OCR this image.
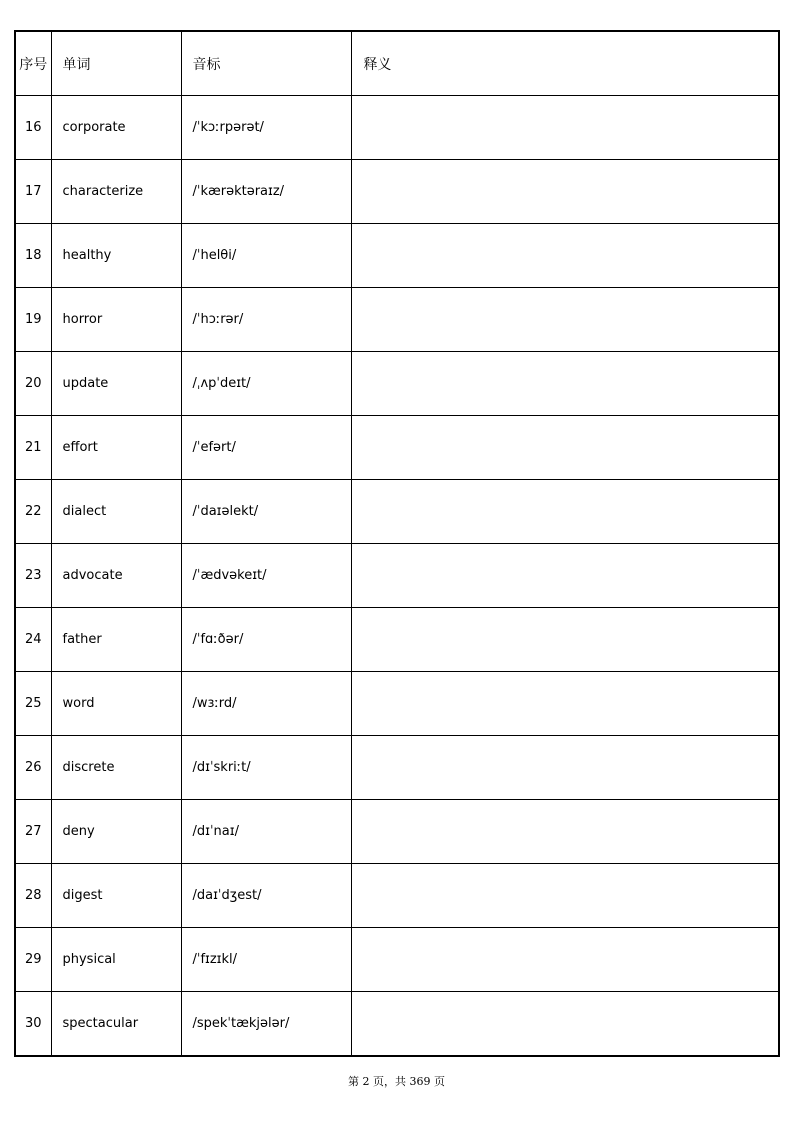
序号	单词	音标	释义
16	corporate	/ˈkɔːrpərət/	
17	characterize	/ˈkærəktəraɪz/	
18	healthy	/ˈhelθi/	
19	horror	/ˈhɔːrər/	
20	update	/ˌʌpˈdeɪt/	
21	effort	/ˈefərt/	
22	dialect	/ˈdaɪəlekt/	
23	advocate	/ˈædvəkeɪt/	
24	father	/ˈfɑːðər/	
25	word	/wɜːrd/	
26	discrete	/dɪˈskriːt/	
27	deny	/dɪˈnaɪ/	
28	digest	/daɪˈdʒest/	
29	physical	/ˈfɪzɪkl/	
30	spectacular	/spekˈtækjələr/	
第 2 页，共 369 页
